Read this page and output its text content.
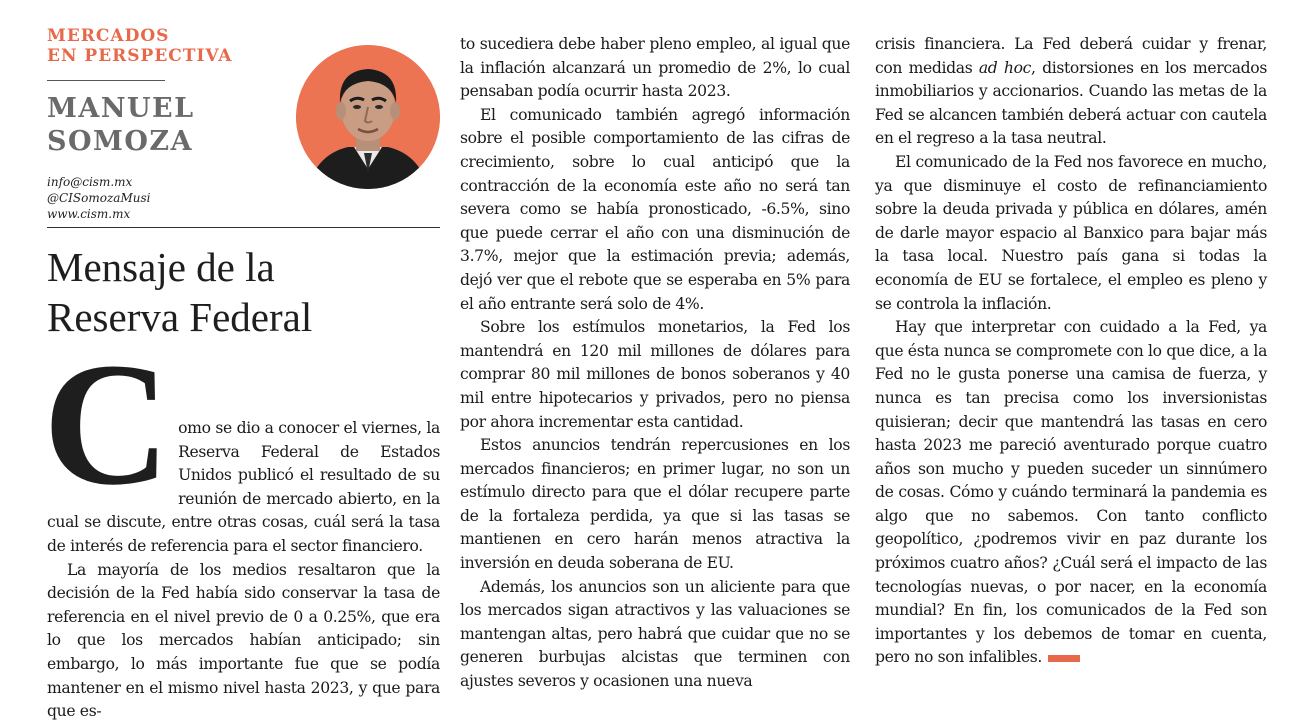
MERCADOS
EN PERSPECTIVA
MANUEL
SOMOZA
info@cism.mx
@CISomozaMusi
www.cism.mx
Mensaje de la
Reserva Federal
C omo se dio a conocer el viernes, la Reserva Federal de Estados Unidos publicó el resultado de su reunión de mercado abierto, en la cual se discute, entre otras cosas, cuál será la tasa de interés de referencia para el sector financiero.

La mayoría de los medios resaltaron que la decisión de la Fed había sido conservar la tasa de referencia en el nivel previo de 0 a 0.25%, que era lo que los mercados habían anticipado; sin embargo, lo más importante fue que se podía mantener en el mismo nivel hasta 2023, y que para que es-

to sucediera debe haber pleno empleo, al igual que la inflación alcanzará un promedio de 2%, lo cual pensaban podía ocurrir hasta 2023.

El comunicado también agregó información sobre el posible comportamiento de las cifras de crecimiento, sobre lo cual anticipó que la contracción de la economía este año no será tan severa como se había pronosticado, -6.5%, sino que puede cerrar el año con una disminución de 3.7%, mejor que la estimación previa; además, dejó ver que el rebote que se esperaba en 5% para el año entrante será solo de 4%.

Sobre los estímulos monetarios, la Fed los mantendrá en 120 mil millones de dólares para comprar 80 mil millones de bonos soberanos y 40 mil entre hipotecarios y privados, pero no piensa por ahora incrementar esta cantidad.

Estos anuncios tendrán repercusiones en los mercados financieros; en primer lugar, no son un estímulo directo para que el dólar recupere parte de la fortaleza perdida, ya que si las tasas se mantienen en cero harán menos atractiva la inversión en deuda soberana de EU.

Además, los anuncios son un aliciente para que los mercados sigan atractivos y las valuaciones se mantengan altas, pero habrá que cuidar que no se generen burbujas alcistas que terminen con ajustes severos y ocasionen una nueva

crisis financiera. La Fed deberá cuidar y frenar, con medidas ad hoc, distorsiones en los mercados inmobiliarios y accionarios. Cuando las metas de la Fed se alcancen también deberá actuar con cautela en el regreso a la tasa neutral.

El comunicado de la Fed nos favorece en mucho, ya que disminuye el costo de refinanciamiento sobre la deuda privada y pública en dólares, amén de darle mayor espacio al Banxico para bajar más la tasa local. Nuestro país gana si todas la economía de EU se fortalece, el empleo es pleno y se controla la inflación.

Hay que interpretar con cuidado a la Fed, ya que ésta nunca se compromete con lo que dice, a la Fed no le gusta ponerse una camisa de fuerza, y nunca es tan precisa como los inversionistas quisieran; decir que mantendrá las tasas en cero hasta 2023 me pareció aventurado porque cuatro años son mucho y pueden suceder un sinnúmero de cosas. Cómo y cuándo terminará la pandemia es algo que no sabemos. Con tanto conflicto geopolítico, ¿podremos vivir en paz durante los próximos cuatro años? ¿Cuál será el impacto de las tecnologías nuevas, o por nacer, en la economía mundial? En fin, los comunicados de la Fed son importantes y los debemos de tomar en cuenta, pero no son infalibles.
